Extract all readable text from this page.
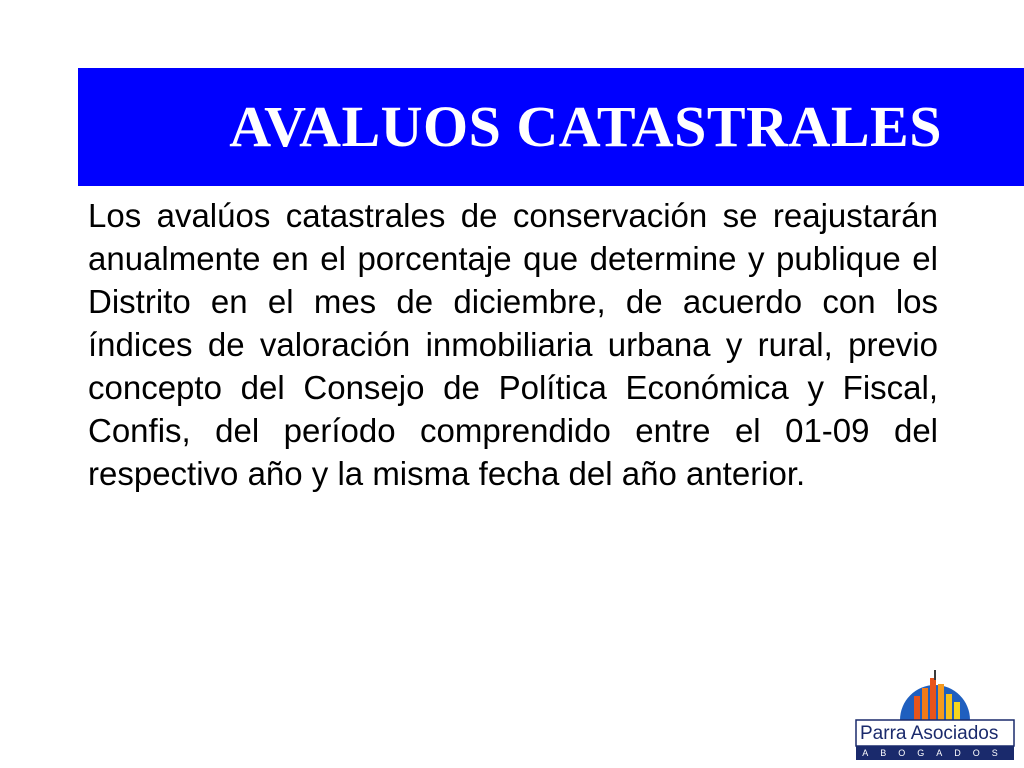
AVALUOS CATASTRALES

Los avalúos catastrales de conservación se reajustarán anualmente en el porcentaje que determine y publique el Distrito en el mes de diciembre, de acuerdo con los índices de valoración inmobiliaria urbana y rural, previo concepto del Consejo de Política Económica y Fiscal, Confis, del período comprendido entre el 01-09 del respectivo año y la misma fecha del año anterior.

Parra Asociados
ABOGADOS
